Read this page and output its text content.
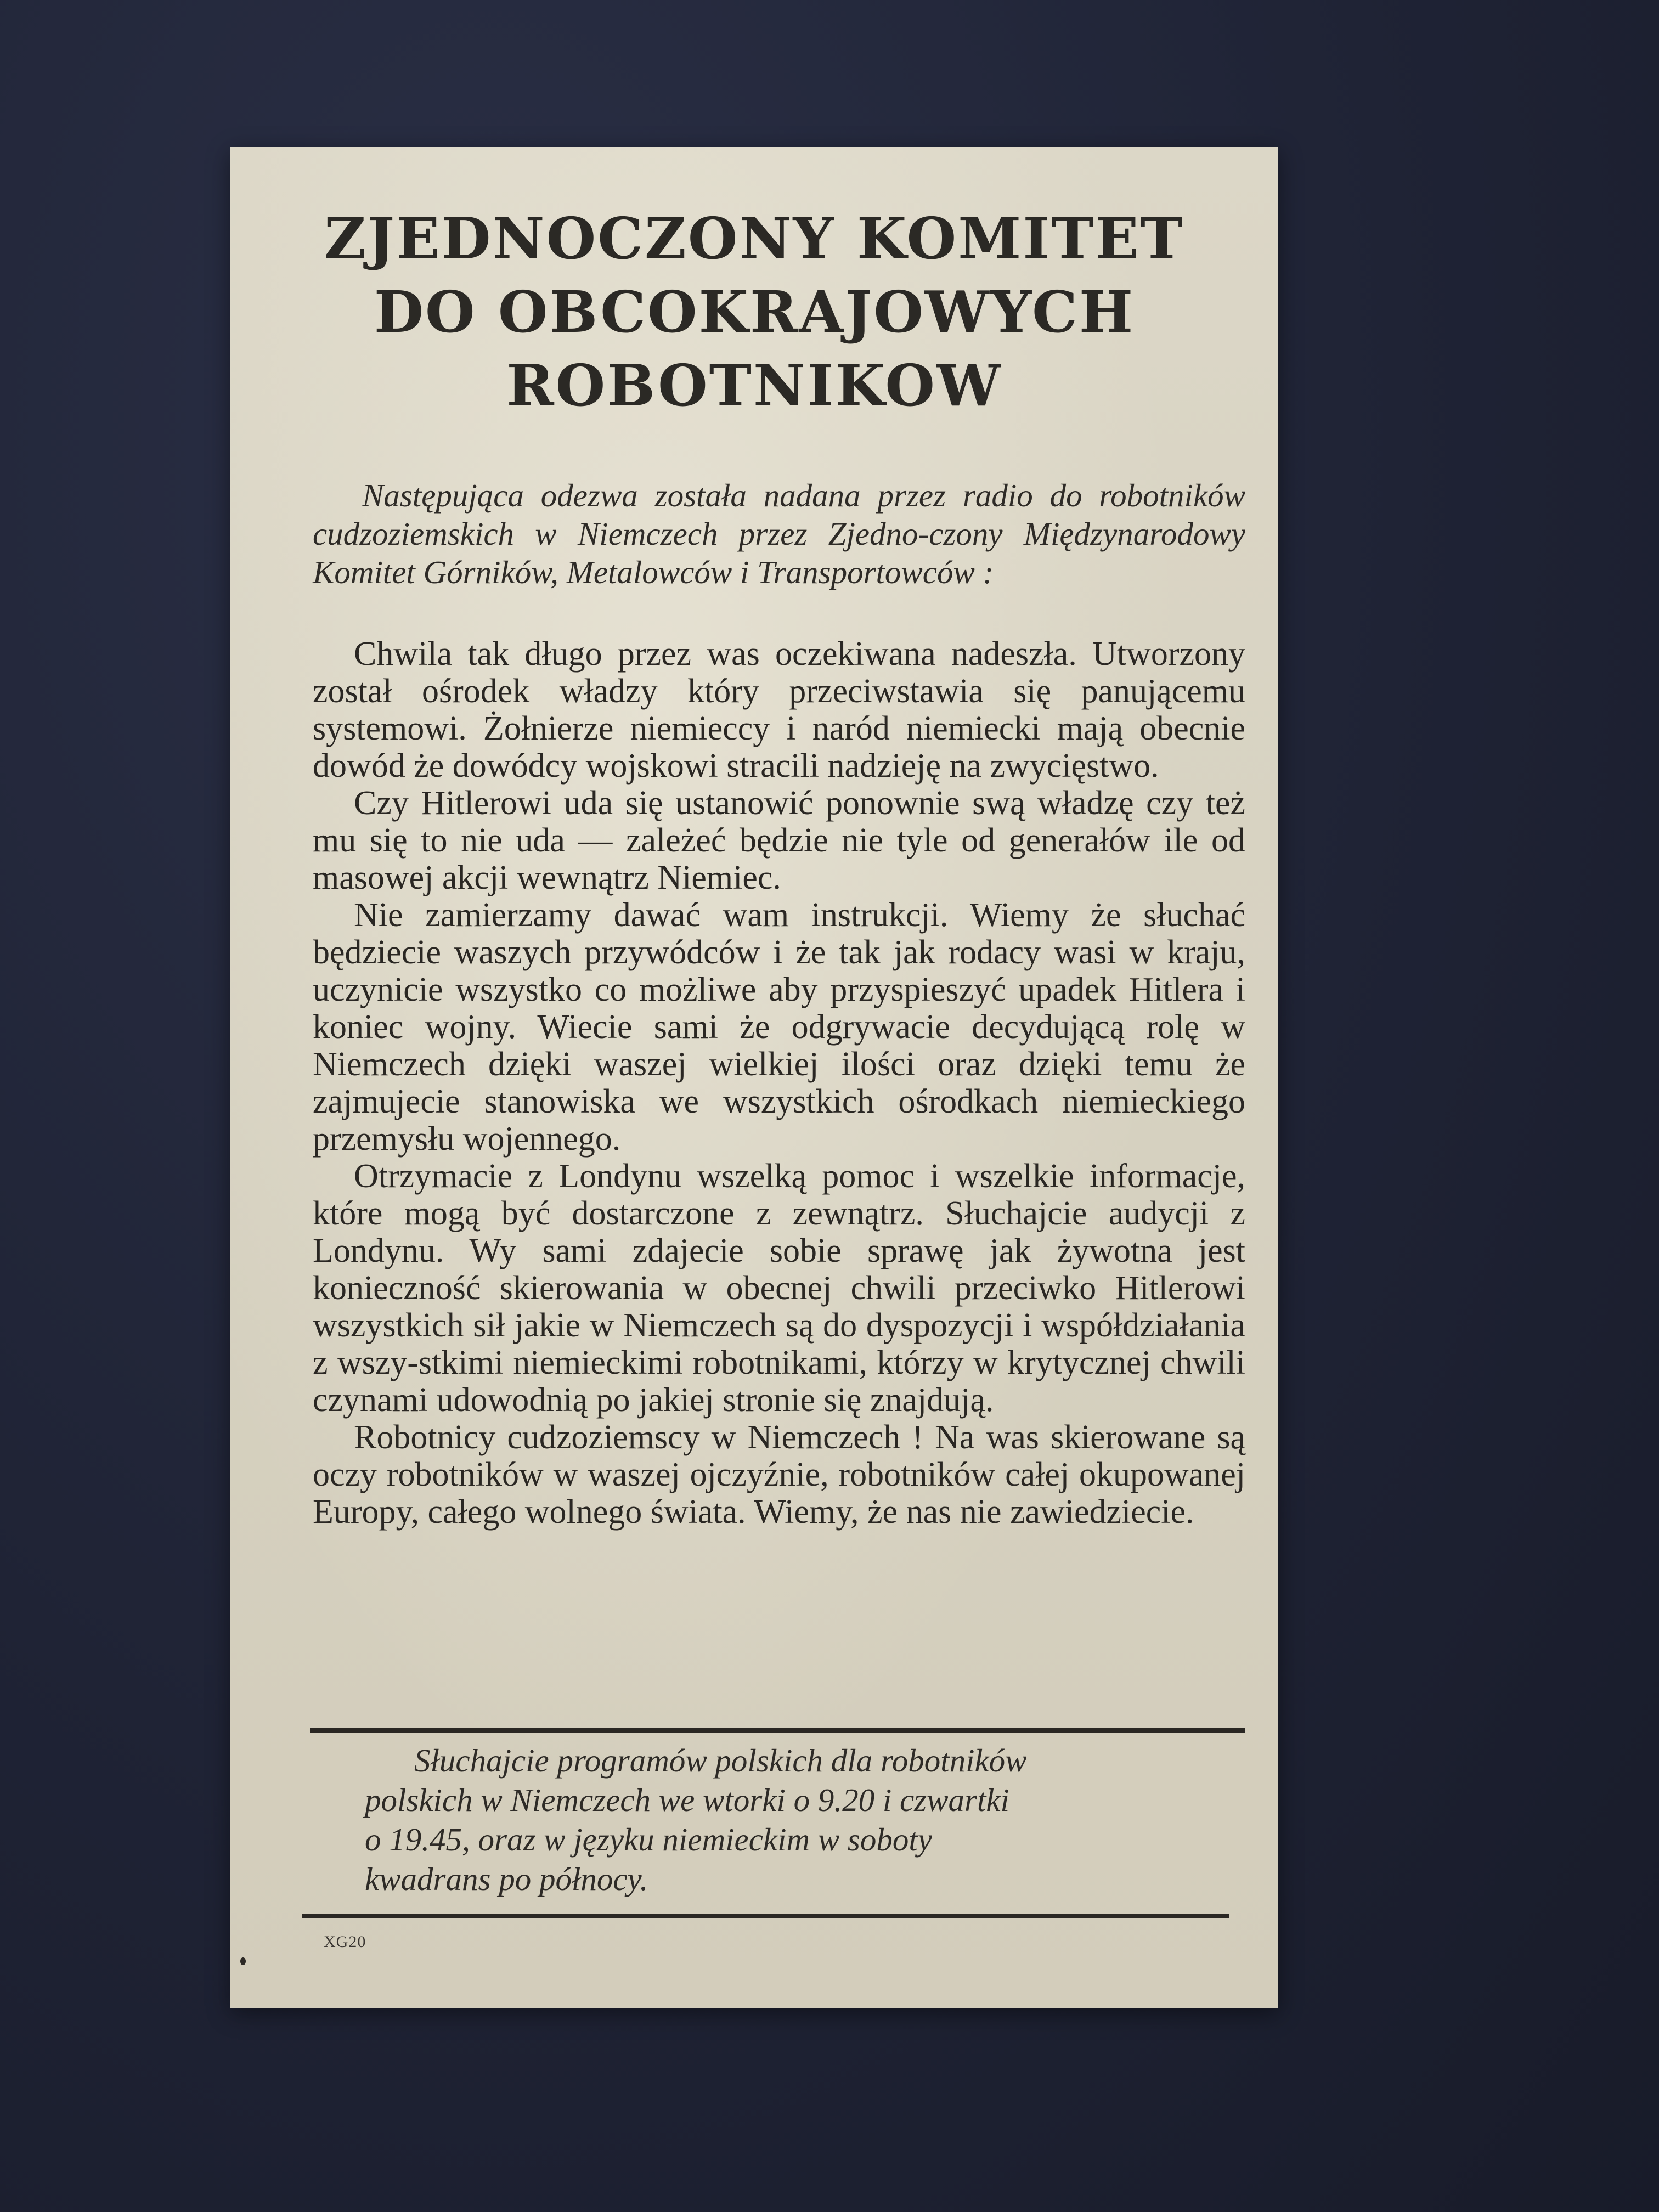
ZJEDNOCZONY KOMITET
DO OBCOKRAJOWYCH
ROBOTNIKOW
Następująca odezwa została nadana przez radio do robotników cudzoziemskich w Niemczech przez Zjedno-czony Międzynarodowy Komitet Górników, Metalowców i Transportowców :

Chwila tak długo przez was oczekiwana nadeszła. Utworzony został ośrodek władzy który przeciwstawia się panującemu systemowi. Żołnierze niemieccy i naród niemiecki mają obecnie dowód że dowódcy wojskowi stracili nadzieję na zwycięstwo.

Czy Hitlerowi uda się ustanowić ponownie swą władzę czy też mu się to nie uda — zależeć będzie nie tyle od generałów ile od masowej akcji wewnątrz Niemiec.

Nie zamierzamy dawać wam instrukcji. Wiemy że słuchać będziecie waszych przywódców i że tak jak rodacy wasi w kraju, uczynicie wszystko co możliwe aby przyspieszyć upadek Hitlera i koniec wojny. Wiecie sami że odgrywacie decydującą rolę w Niemczech dzięki waszej wielkiej ilości oraz dzięki temu że zajmujecie stanowiska we wszystkich ośrodkach niemieckiego przemysłu wojennego.

Otrzymacie z Londynu wszelką pomoc i wszelkie informacje, które mogą być dostarczone z zewnątrz. Słuchajcie audycji z Londynu. Wy sami zdajecie sobie sprawę jak żywotna jest konieczność skierowania w obecnej chwili przeciwko Hitlerowi wszystkich sił jakie w Niemczech są do dyspozycji i współdziałania z wszy-stkimi niemieckimi robotnikami, którzy w krytycznej chwili czynami udowodnią po jakiej stronie się znajdują.

Robotnicy cudzoziemscy w Niemczech ! Na was skierowane są oczy robotników w waszej ojczyźnie, robotników całej okupowanej Europy, całego wolnego świata. Wiemy, że nas nie zawiedziecie.

Słuchajcie programów polskich dla robotników
polskich w Niemczech we wtorki o 9.20 i czwartki
o 19.45, oraz w języku niemieckim w soboty
kwadrans po północy.
XG20
